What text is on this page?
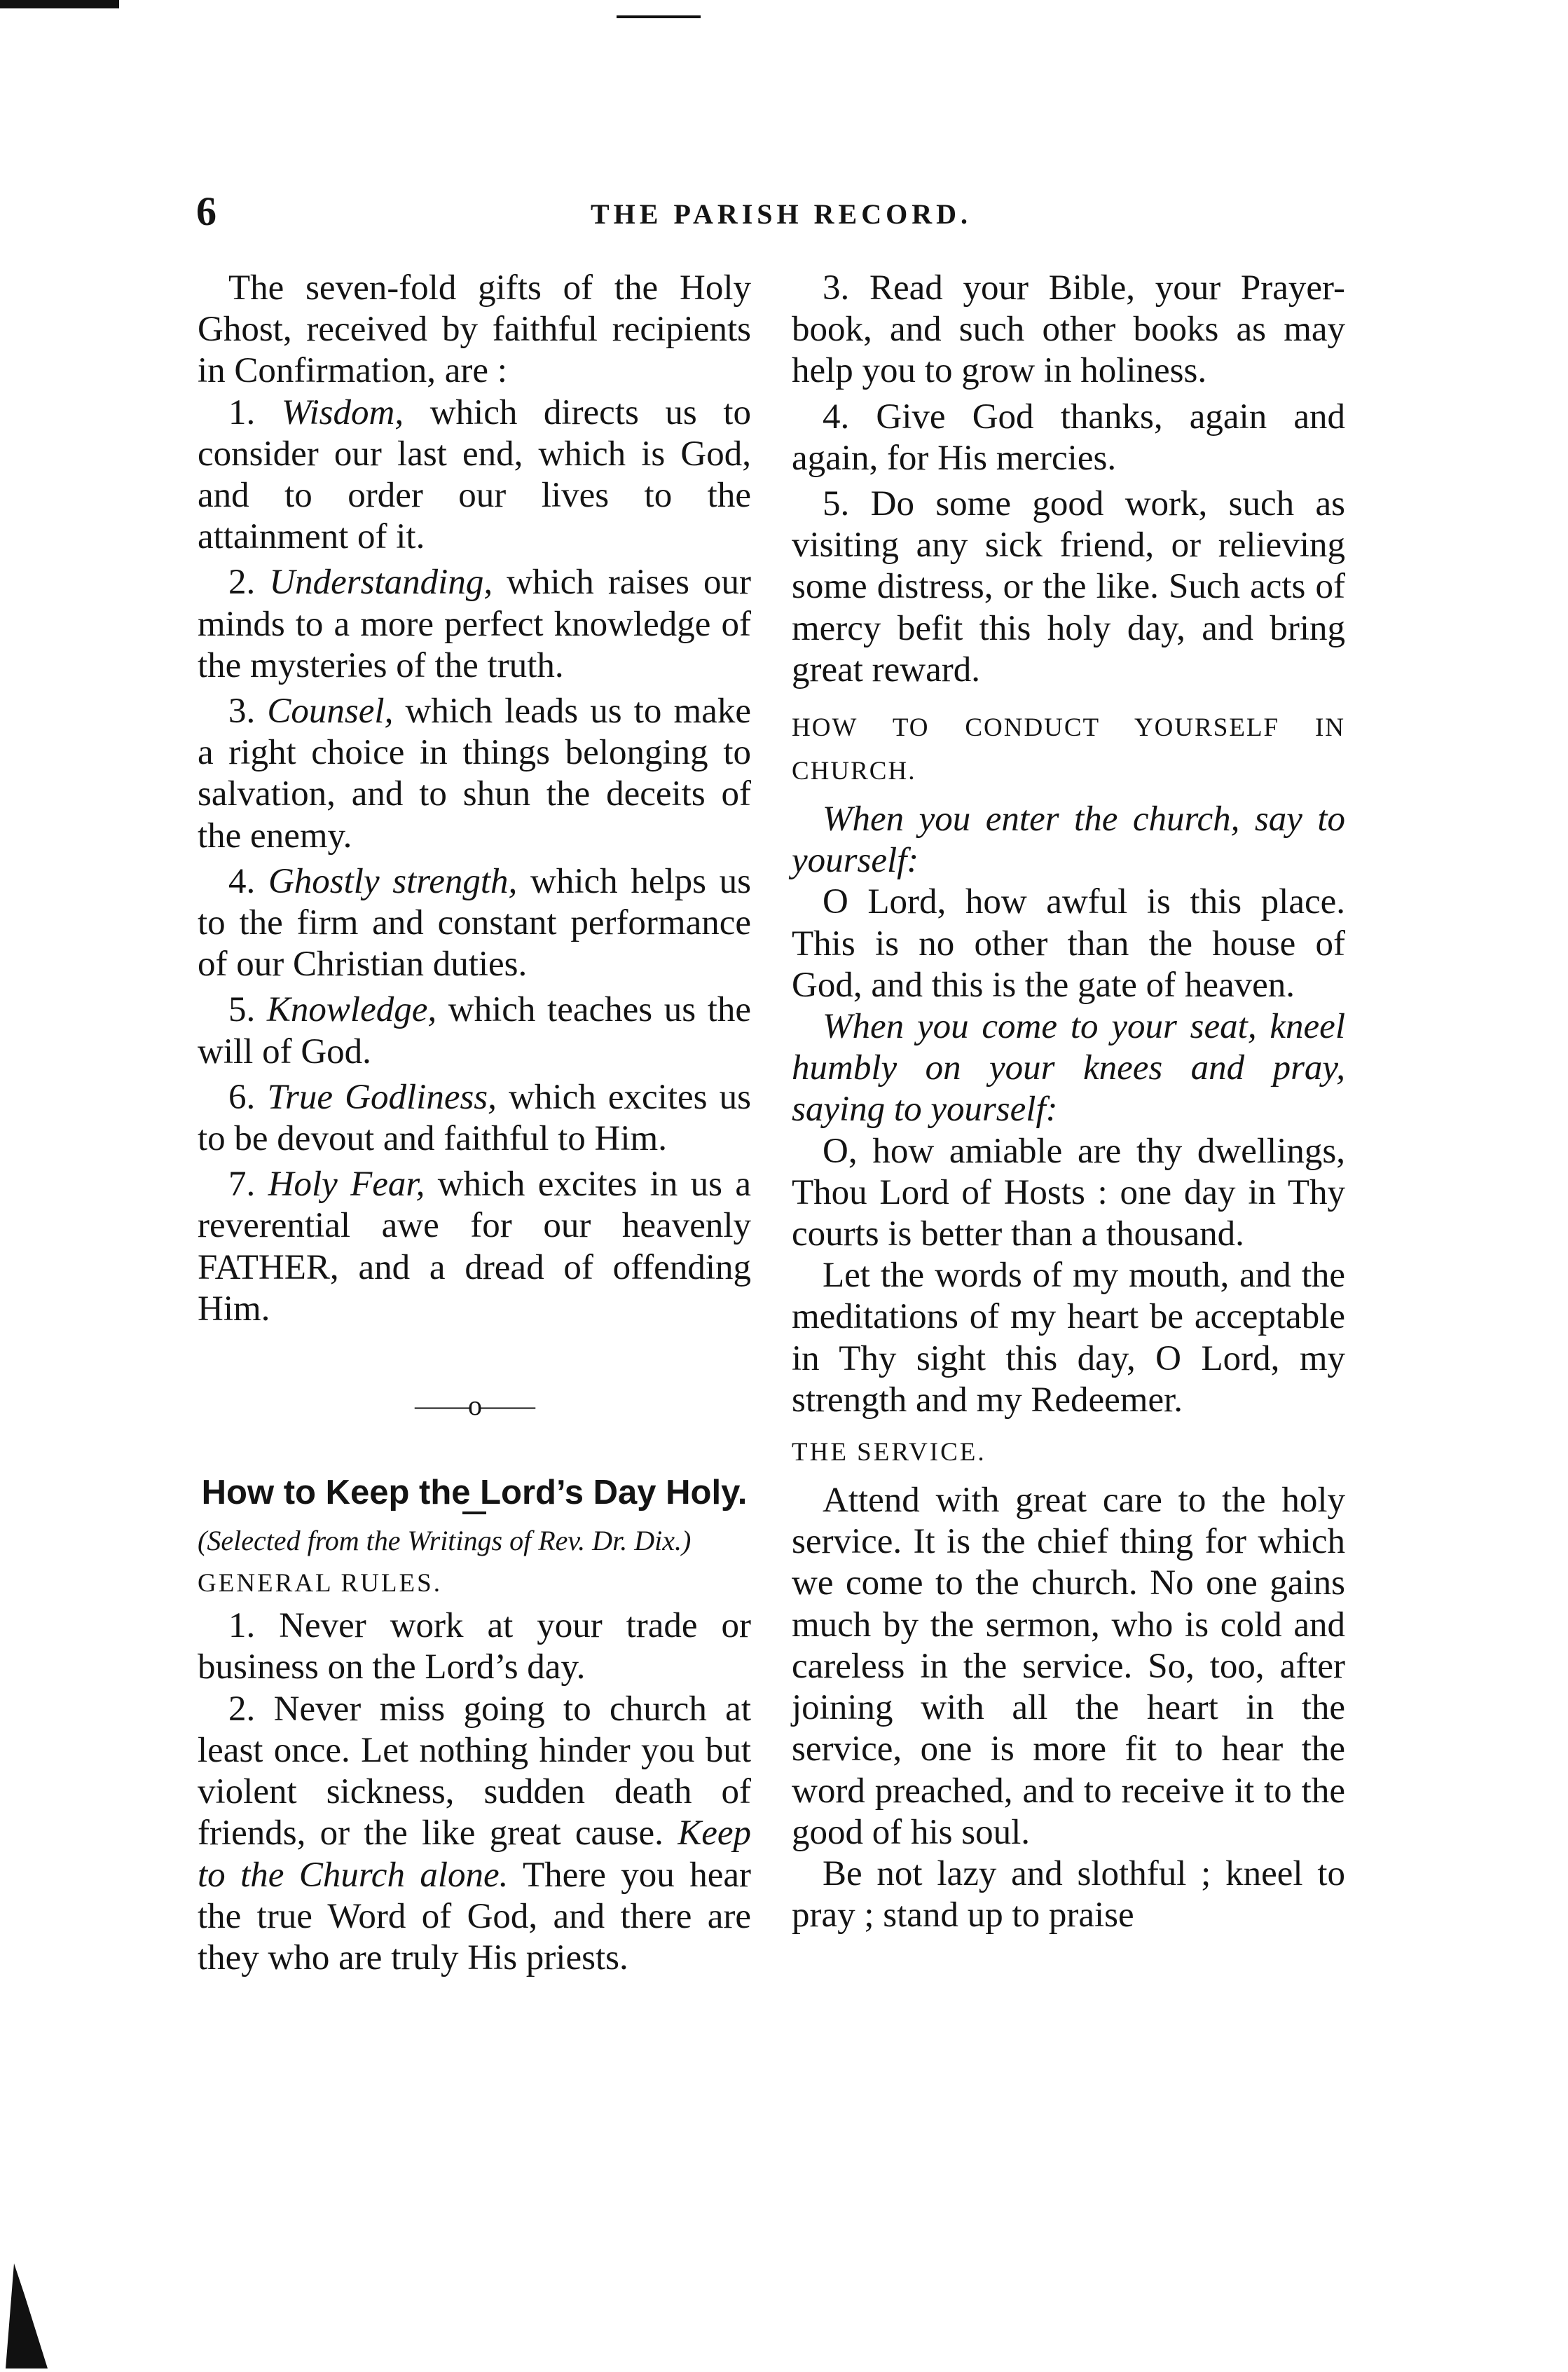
6	THE PARISH RECORD.

The seven-fold gifts of the Holy Ghost, received by faithful recipients in Confirmation, are :

1. Wisdom, which directs us to consider our last end, which is God, and to order our lives to the attainment of it.

2. Understanding, which raises our minds to a more perfect knowledge of the mysteries of the truth.

3. Counsel, which leads us to make a right choice in things belonging to salvation, and to shun the deceits of the enemy.

4. Ghostly strength, which helps us to the firm and constant performance of our Christian duties.

5. Knowledge, which teaches us the will of God.

6. True Godliness, which excites us to be devout and faithful to Him.

7. Holy Fear, which excites in us a reverential awe for our heavenly FATHER, and a dread of offending Him.

——o——
How to Keep the Lord’s Day Holy.

(Selected from the Writings of Rev. Dr. Dix.)

GENERAL RULES.

1. Never work at your trade or business on the Lord’s day.

2. Never miss going to church at least once. Let nothing hinder you but violent sickness, sudden death of friends, or the like great cause. Keep to the Church alone. There you hear the true Word of God, and there are they who are truly His priests.

3. Read your Bible, your Prayer-book, and such other books as may help you to grow in holiness.

4. Give God thanks, again and again, for His mercies.

5. Do some good work, such as visiting any sick friend, or relieving some distress, or the like. Such acts of mercy befit this holy day, and bring great reward.

HOW TO CONDUCT YOURSELF IN CHURCH.

When you enter the church, say to yourself:

O Lord, how awful is this place. This is no other than the house of God, and this is the gate of heaven.

When you come to your seat, kneel humbly on your knees and pray, saying to yourself:

O, how amiable are thy dwellings, Thou Lord of Hosts : one day in Thy courts is better than a thousand.

Let the words of my mouth, and the meditations of my heart be acceptable in Thy sight this day, O Lord, my strength and my Redeemer.

THE SERVICE.

Attend with great care to the holy service. It is the chief thing for which we come to the church. No one gains much by the sermon, who is cold and careless in the service. So, too, after joining with all the heart in the service, one is more fit to hear the word preached, and to receive it to the good of his soul.

Be not lazy and slothful ; kneel to pray ; stand up to praise
